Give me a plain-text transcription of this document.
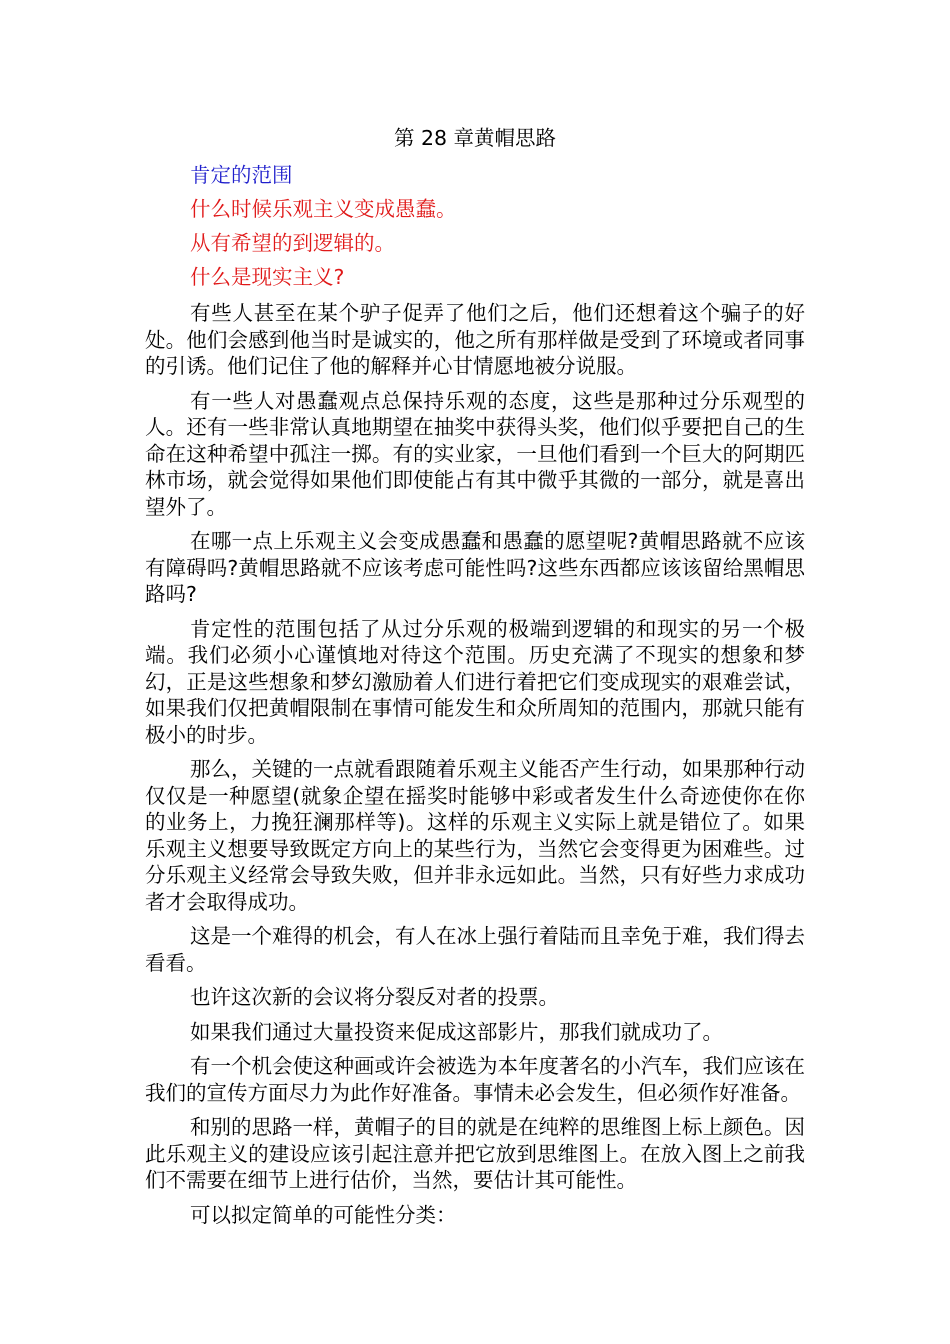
第 28 章黄帽思路
肯定的范围
什么时候乐观主义变成愚蠢。
从有希望的到逻辑的。
什么是现实主义?

有些人甚至在某个驴子促弄了他们之后，他们还想着这个骗子的好处。他们会感到他当时是诚实的，他之所有那样做是受到了环境或者同事的引诱。他们记住了他的解释并心甘情愿地被分说服。

有一些人对愚蠢观点总保持乐观的态度，这些是那种过分乐观型的人。还有一些非常认真地期望在抽奖中获得头奖，他们似乎要把自己的生命在这种希望中孤注一掷。有的实业家，一旦他们看到一个巨大的阿期匹林市场，就会觉得如果他们即使能占有其中微乎其微的一部分，就是喜出望外了。

在哪一点上乐观主义会变成愚蠢和愚蠢的愿望呢?黄帽思路就不应该有障碍吗?黄帽思路就不应该考虑可能性吗?这些东西都应该该留给黑帽思路吗?

肯定性的范围包括了从过分乐观的极端到逻辑的和现实的另一个极端。我们必须小心谨慎地对待这个范围。历史充满了不现实的想象和梦幻，正是这些想象和梦幻激励着人们进行着把它们变成现实的艰难尝试，如果我们仅把黄帽限制在事情可能发生和众所周知的范围内，那就只能有极小的时步。

那么，关键的一点就看跟随着乐观主义能否产生行动，如果那种行动仅仅是一种愿望(就象企望在摇奖时能够中彩或者发生什么奇迹使你在你的业务上，力挽狂澜那样等)。这样的乐观主义实际上就是错位了。如果乐观主义想要导致既定方向上的某些行为，当然它会变得更为困难些。过分乐观主义经常会导致失败，但并非永远如此。当然，只有好些力求成功者才会取得成功。

这是一个难得的机会，有人在冰上强行着陆而且幸免于难，我们得去看看。

也许这次新的会议将分裂反对者的投票。

如果我们通过大量投资来促成这部影片，那我们就成功了。

有一个机会使这种画或许会被选为本年度著名的小汽车，我们应该在我们的宣传方面尽力为此作好准备。事情未必会发生，但必须作好准备。

和别的思路一样，黄帽子的目的就是在纯粹的思维图上标上颜色。因此乐观主义的建设应该引起注意并把它放到思维图上。在放入图上之前我们不需要在细节上进行估价，当然，要估计其可能性。

可以拟定简单的可能性分类：
